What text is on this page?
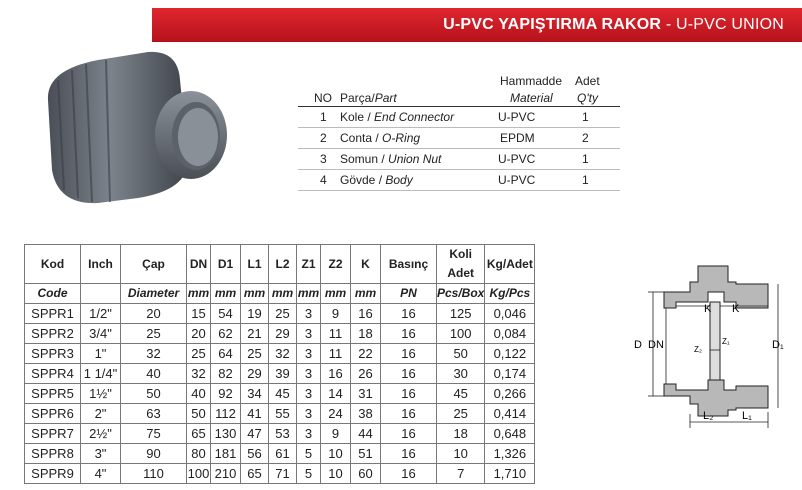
U-PVC YAPIŞTIRMA RAKOR - U-PVC UNION
NO Parça/Part
Hammadde
Material
Adet
Q'ty
1 Kole / End Connector	U-PVC	1
2 Conta / O-Ring	EPDM	2
3 Somun / Union Nut	U-PVC	1
4 Gövde / Body	U-PVC	1
Kod	Inch	Çap	DN	D1	L1	L2	Z1	Z2	K	Basınç	Koli Adet	Kg/Adet
Code		Diameter	mm	mm	mm	mm	mm	mm	mm	PN	Pcs/Box	Kg/Pcs
SPPR1	1/2"	20	15	54	19	25	3	9	16	16	125	0,046
SPPR2	3/4"	25	20	62	21	29	3	11	18	16	100	0,084
SPPR3	1"	32	25	64	25	32	3	11	22	16	50	0,122
SPPR4	1 1/4"	40	32	82	29	39	3	16	26	16	30	0,174
SPPR5	1½"	50	40	92	34	45	3	14	31	16	45	0,266
SPPR6	2"	63	50	112	41	55	3	24	38	16	25	0,414
SPPR7	2½"	75	65	130	47	53	3	9	44	16	18	0,648
SPPR8	3"	90	80	181	56	61	5	10	51	16	10	1,326
SPPR9	4"	110	100	210	65	71	5	10	60	16	7	1,710
K K
D DN	D₁
Z₁
Z₂
L₂	L₁
